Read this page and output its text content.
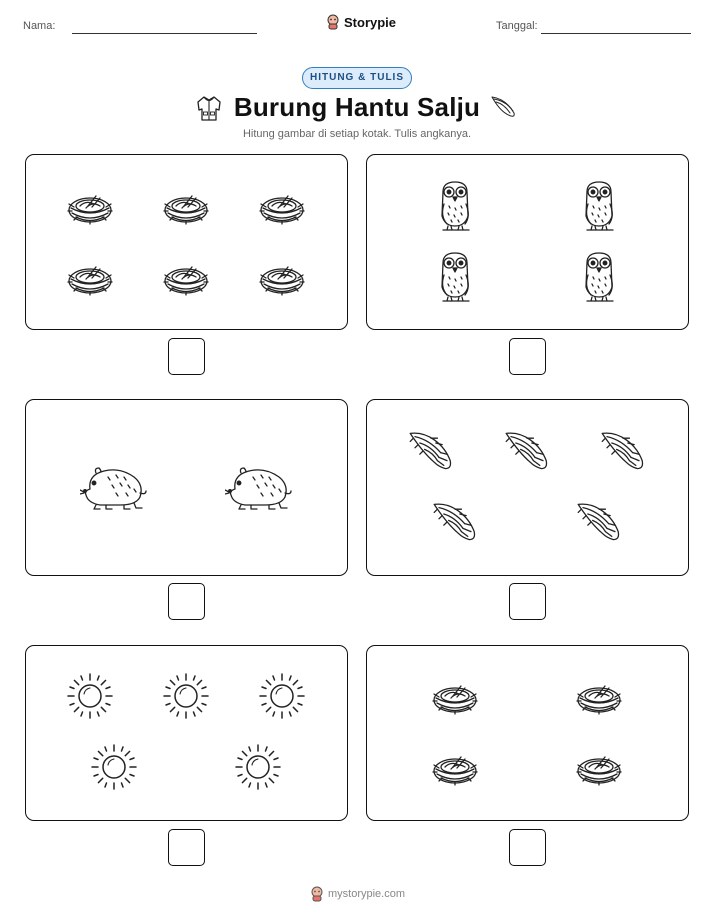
Nama:	Storypie	Tanggal:
HITUNG & TULIS
Burung Hantu Salju
Hitung gambar di setiap kotak. Tulis angkanya.
mystorypie.com
